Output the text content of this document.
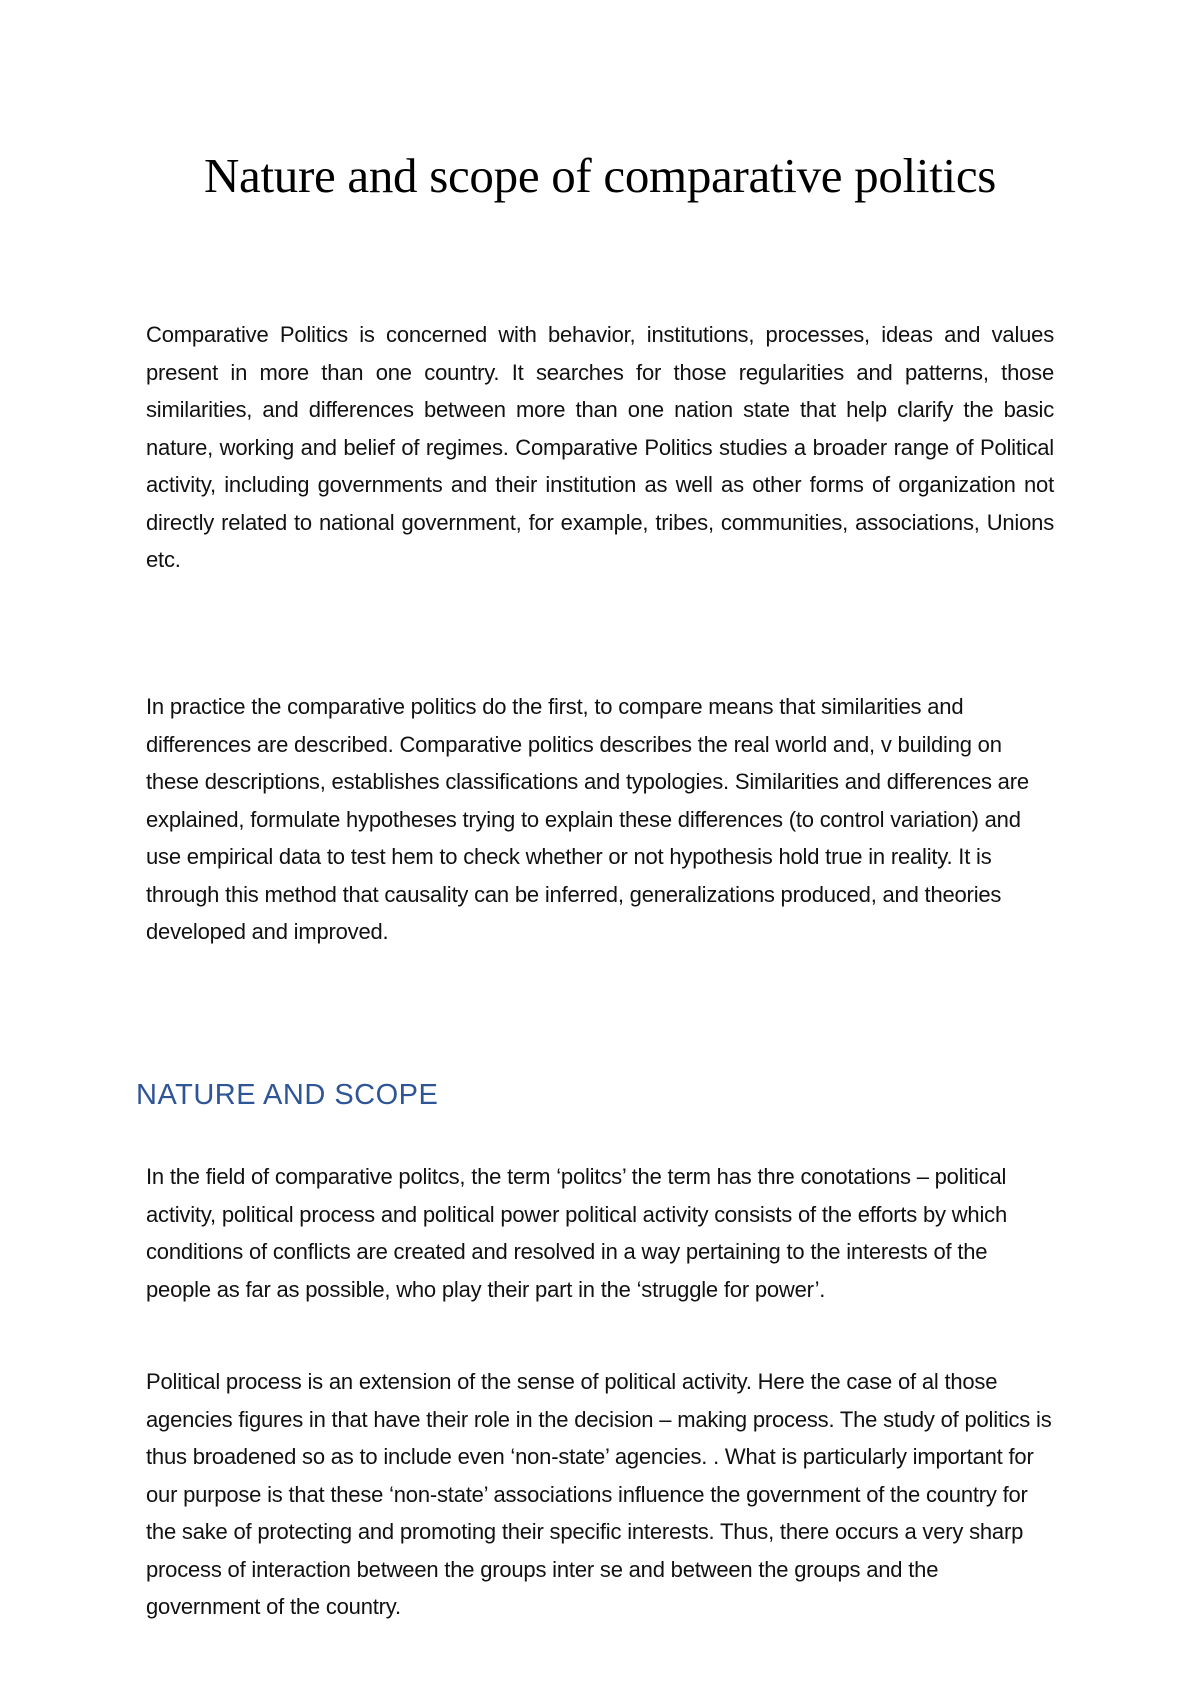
Nature and scope of comparative politics

Comparative Politics is concerned with behavior, institutions, processes, ideas and values present in more than one country. It searches for those regularities and patterns, those similarities, and differences between more than one nation state that help clarify the basic nature, working and belief of regimes. Comparative Politics studies a broader range of Political activity, including governments and their institution as well as other forms of organization not directly related to national government, for example, tribes, communities, associations, Unions etc.

In practice the comparative politics do the first, to compare means that similarities and differences are described. Comparative politics describes the real world and, v building on these descriptions, establishes classifications and typologies. Similarities and differences are explained, formulate hypotheses trying to explain these differences (to control variation) and use empirical data to test hem to check whether or not hypothesis hold true in reality. It is through this method that causality can be inferred, generalizations produced, and theories developed and improved.

NATURE AND SCOPE

In the field of comparative politcs, the term ‘politcs’ the term has thre conotations – political activity, political process and political power political activity consists of the efforts by which conditions of conflicts are created and resolved in a way pertaining to the interests of the people as far as possible, who play their part in the ‘struggle for power’.

Political process is an extension of the sense of political activity. Here the case of al those agencies figures in that have their role in the decision – making process. The study of politics is thus broadened so as to include even ‘non-state’ agencies. . What is particularly important for our purpose is that these ‘non-state’ associations influence the government of the country for the sake of protecting and promoting their specific interests. Thus, there occurs a very sharp process of interaction between the groups inter se and between the groups and the government of the country.
